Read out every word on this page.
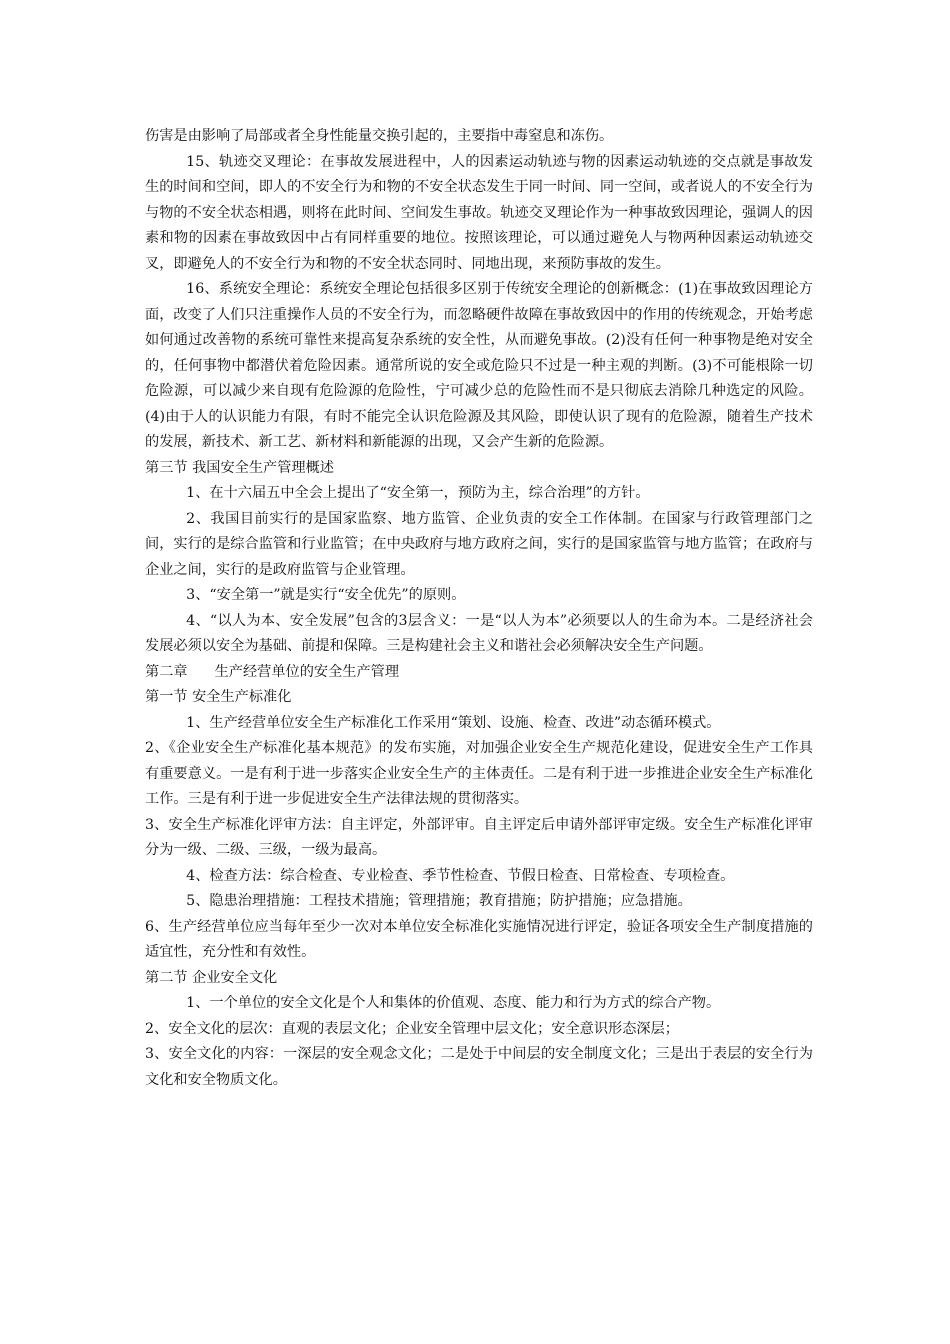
伤害是由影响了局部或者全身性能量交换引起的，主要指中毒窒息和冻伤。

15、轨迹交叉理论：在事故发展进程中，人的因素运动轨迹与物的因素运动轨迹的交点就是事故发生的时间和空间，即人的不安全行为和物的不安全状态发生于同一时间、同一空间，或者说人的不安全行为与物的不安全状态相遇，则将在此时间、空间发生事故。轨迹交叉理论作为一种事故致因理论，强调人的因素和物的因素在事故致因中占有同样重要的地位。按照该理论，可以通过避免人与物两种因素运动轨迹交叉，即避免人的不安全行为和物的不安全状态同时、同地出现，来预防事故的发生。

16、系统安全理论：系统安全理论包括很多区别于传统安全理论的创新概念：(1)在事故致因理论方面，改变了人们只注重操作人员的不安全行为，而忽略硬件故障在事故致因中的作用的传统观念，开始考虑如何通过改善物的系统可靠性来提高复杂系统的安全性，从而避免事故。(2)没有任何一种事物是绝对安全的，任何事物中都潜伏着危险因素。通常所说的安全或危险只不过是一种主观的判断。(3)不可能根除一切危险源，可以减少来自现有危险源的危险性，宁可减少总的危险性而不是只彻底去消除几种选定的风险。(4)由于人的认识能力有限，有时不能完全认识危险源及其风险，即使认识了现有的危险源，随着生产技术的发展，新技术、新工艺、新材料和新能源的出现，又会产生新的危险源。

第三节 我国安全生产管理概述

1、在十六届五中全会上提出了“安全第一，预防为主，综合治理”的方针。

2、我国目前实行的是国家监察、地方监管、企业负责的安全工作体制。在国家与行政管理部门之间，实行的是综合监管和行业监管；在中央政府与地方政府之间，实行的是国家监管与地方监管；在政府与企业之间，实行的是政府监管与企业管理。

3、“安全第一”就是实行“安全优先”的原则。

4、“以人为本、安全发展”包含的3层含义：一是“以人为本”必须要以人的生命为本。二是经济社会发展必须以安全为基础、前提和保障。三是构建社会主义和谐社会必须解决安全生产问题。

第二章      生产经营单位的安全生产管理
第一节 安全生产标准化

1、生产经营单位安全生产标准化工作采用“策划、设施、检查、改进”动态循环模式。

2、《企业安全生产标准化基本规范》的发布实施，对加强企业安全生产规范化建设，促进安全生产工作具有重要意义。一是有利于进一步落实企业安全生产的主体责任。二是有利于进一步推进企业安全生产标准化工作。三是有利于进一步促进安全生产法律法规的贯彻落实。

3、安全生产标准化评审方法：自主评定，外部评审。自主评定后申请外部评审定级。安全生产标准化评审分为一级、二级、三级，一级为最高。

4、检查方法：综合检查、专业检查、季节性检查、节假日检查、日常检查、专项检查。

5、隐患治理措施：工程技术措施；管理措施；教育措施；防护措施；应急措施。

6、生产经营单位应当每年至少一次对本单位安全标准化实施情况进行评定，验证各项安全生产制度措施的适宜性，充分性和有效性。

第二节 企业安全文化

1、一个单位的安全文化是个人和集体的价值观、态度、能力和行为方式的综合产物。

2、安全文化的层次：直观的表层文化；企业安全管理中层文化；安全意识形态深层；

3、安全文化的内容：一深层的安全观念文化；二是处于中间层的安全制度文化；三是出于表层的安全行为文化和安全物质文化。
